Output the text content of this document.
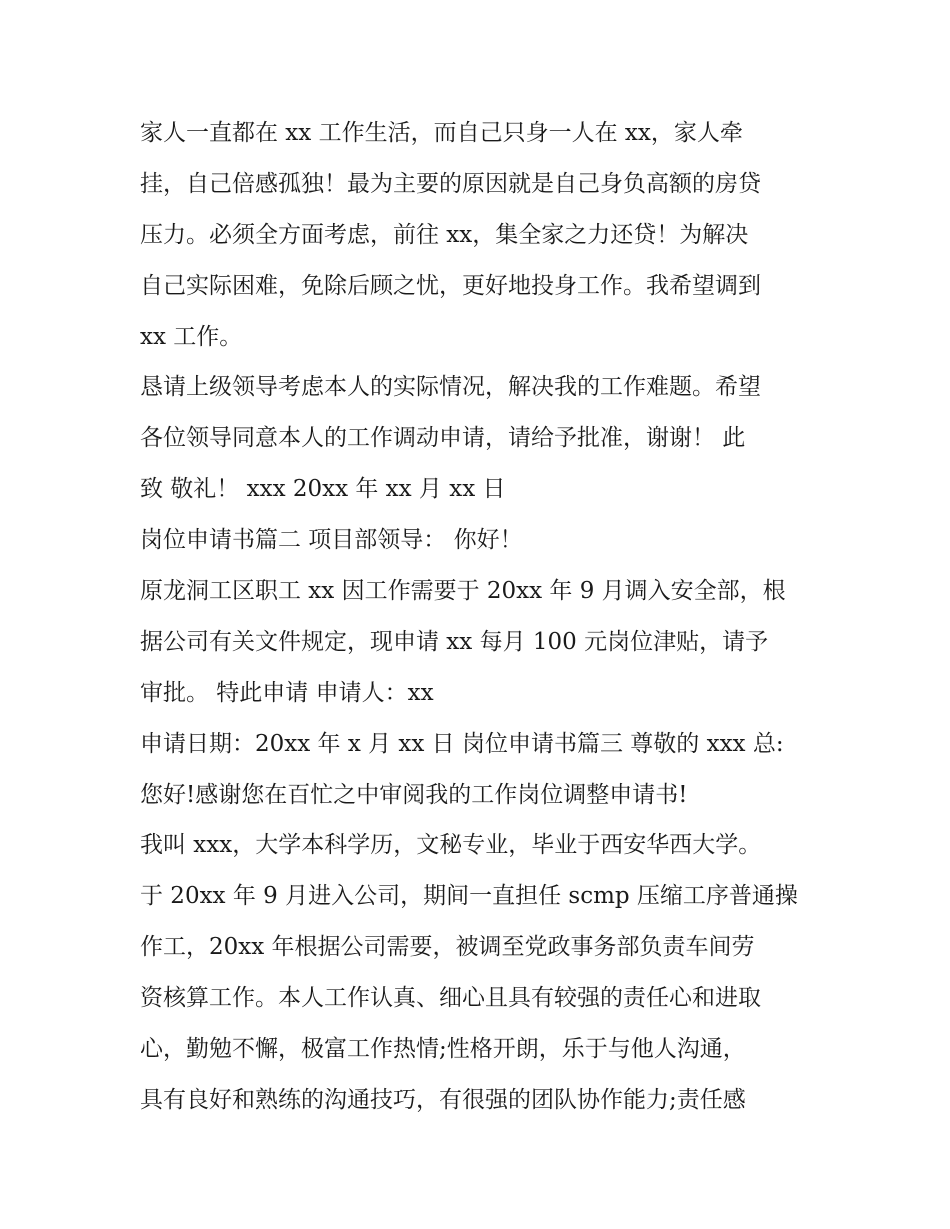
家人一直都在 xx 工作生活，而自己只身一人在 xx，家人牵
挂，自己倍感孤独！最为主要的原因就是自己身负高额的房贷
压力。必须全方面考虑，前往 xx，集全家之力还贷！为解决
自己实际困难，免除后顾之忧，更好地投身工作。我希望调到
xx 工作。
恳请上级领导考虑本人的实际情况，解决我的工作难题。希望
各位领导同意本人的工作调动申请，请给予批准，谢谢！ 此
致 敬礼！ xxx 20xx 年 xx 月 xx 日
岗位申请书篇二 项目部领导： 你好！
原龙洞工区职工 xx 因工作需要于 20xx 年 9 月调入安全部，根
据公司有关文件规定，现申请 xx 每月 100 元岗位津贴，请予
审批。 特此申请 申请人：xx
申请日期：20xx 年 x 月 xx 日 岗位申请书篇三 尊敬的 xxx 总:
您好!感谢您在百忙之中审阅我的工作岗位调整申请书!
我叫 xxx，大学本科学历，文秘专业，毕业于西安华西大学。
于 20xx 年 9 月进入公司，期间一直担任 scmp 压缩工序普通操
作工，20xx 年根据公司需要，被调至党政事务部负责车间劳
资核算工作。本人工作认真、细心且具有较强的责任心和进取
心，勤勉不懈，极富工作热情;性格开朗，乐于与他人沟通，
具有良好和熟练的沟通技巧，有很强的团队协作能力;责任感
